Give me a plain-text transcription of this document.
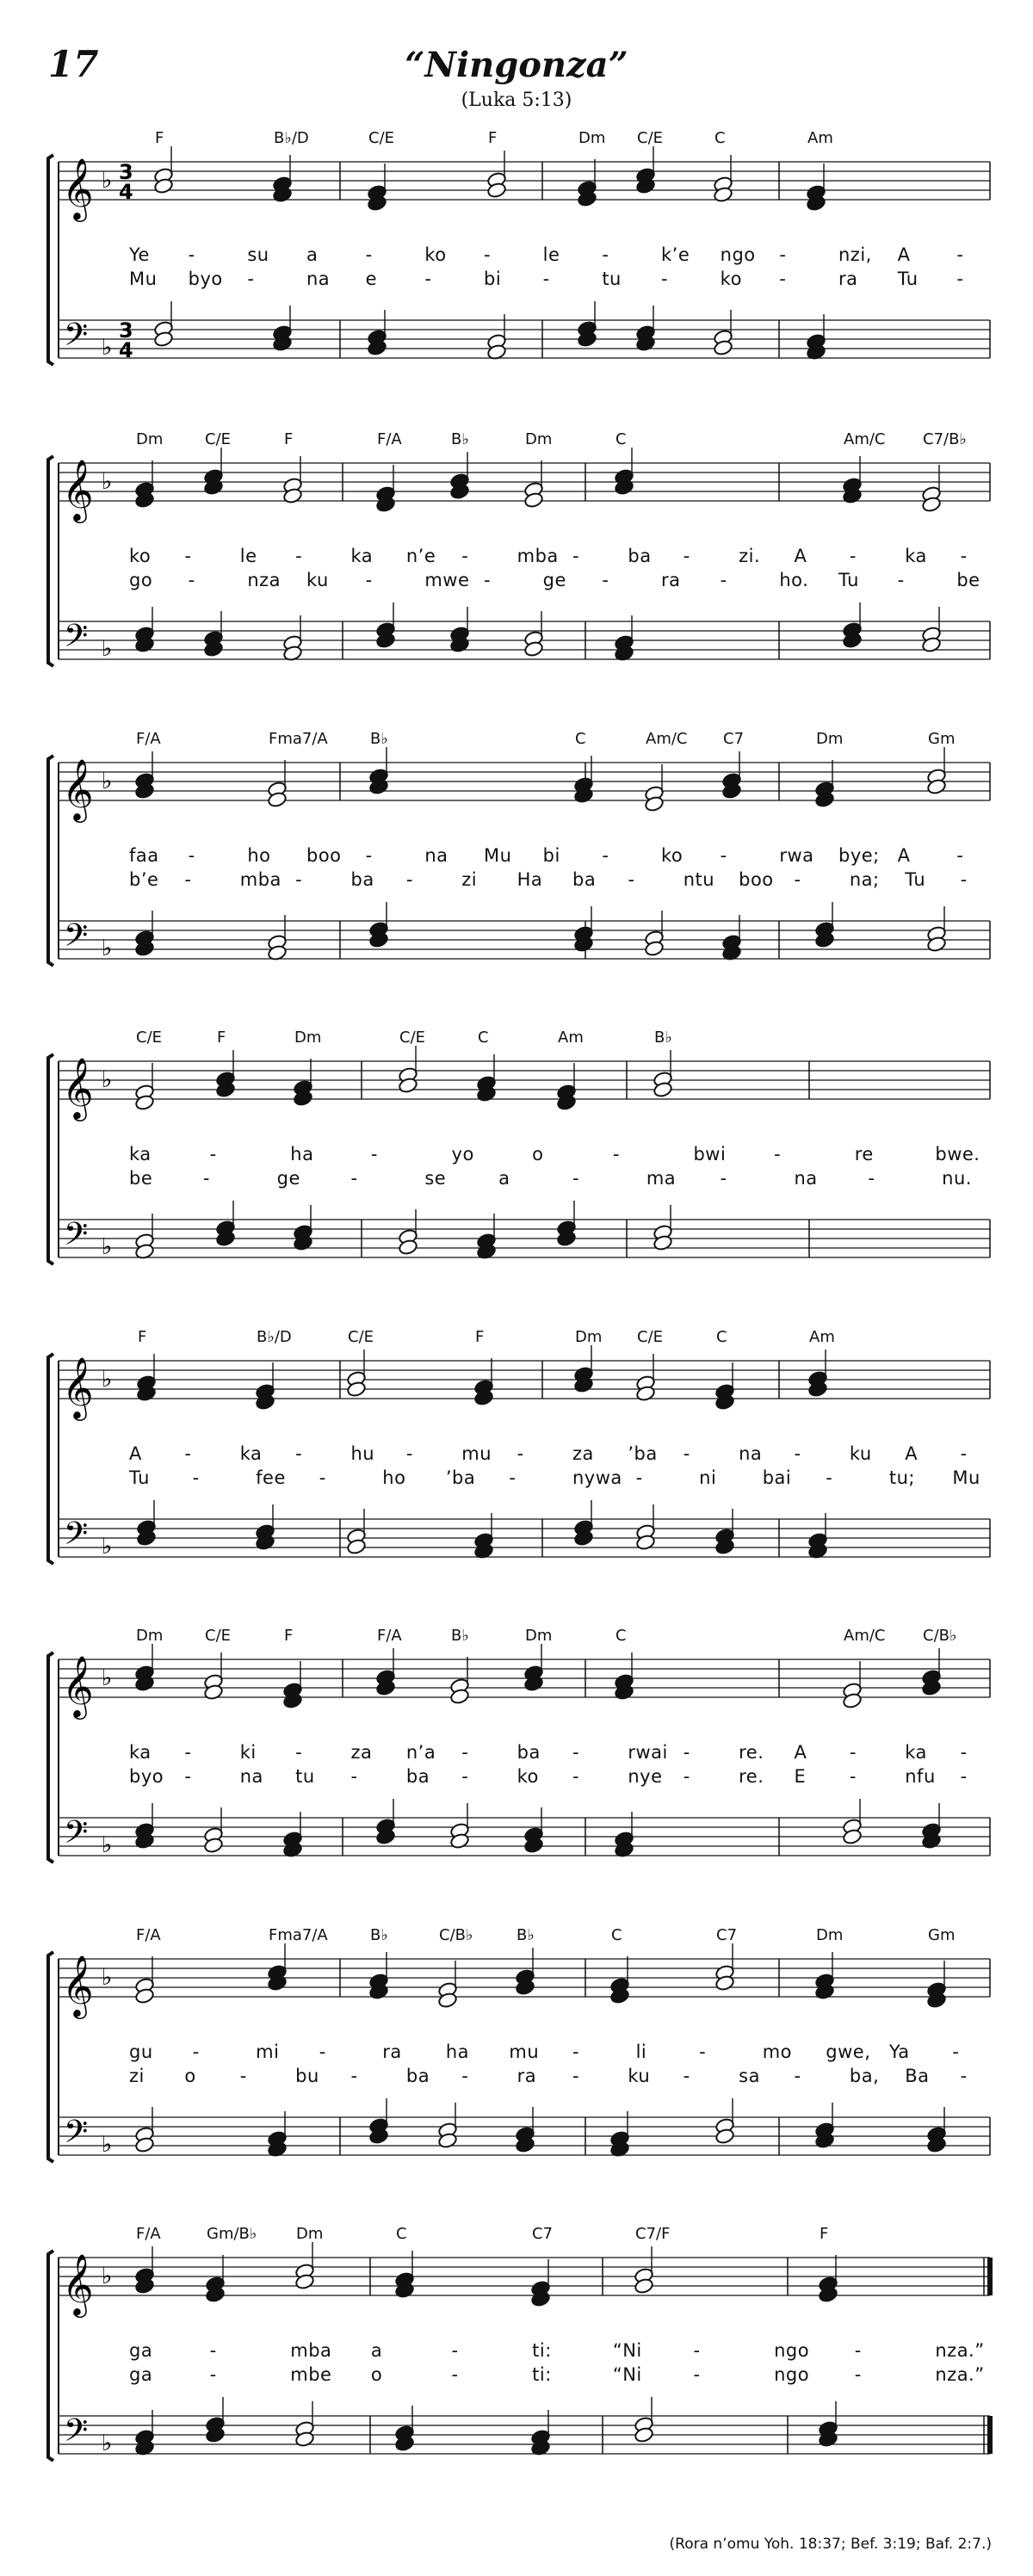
17	“Ningonza”
(Luka 5:13)
𝄞
𝄢
♭
♭
3
4
3
4
F	B♭/D	C/E	F	Dm C/E	C	Am
Ye -	su a	-	ko -	le -	k’e ngo -	nzi, A	-
Mu byo -	na e	-	bi -	tu -	ko -	ra Tu -
𝄞
𝄢
♭
♭
Dm	C/E	F	F/A	B♭	Dm	C	Am/C C7/B♭
ko -	le -	ka n’e -	mba -	ba -	zi. A -	ka -
go -	nza ku -	mwe -	ge -	ra -	ho. Tu -	be
𝄞
𝄢
♭
♭
F/A	Fma7/A	B♭	C	Am/C C7	Dm	Gm
faa -	ho boo -	na Mu bi -	ko -	rwa bye; A	-
b’e -	mba -	ba -	zi Ha ba -	ntu boo -	na; Tu -
𝄞
𝄢
♭
♭
C/E	F	Dm	C/E	C	Am	B♭
ka	-	ha	-	yo	o	-	bwi	-	re	bwe.
be	-	ge	-	se	a	-	ma -	na	-	nu.
𝄞
𝄢
♭
♭
F	B♭/D	C/E	F	Dm C/E	C	Am
A -	ka -	hu -	mu -	za ’ba -	na -	ku A -
Tu -	fee -	ho ’ba -	nywa -	ni	bai -	tu; Mu
𝄞
𝄢
♭
♭
Dm	C/E	F	F/A	B♭	Dm	C	Am/C C/B♭
ka -	ki -	za n’a -	ba -	rwai -	re. A -	ka -
byo -	na tu -	ba -	ko -	nye -	re. E -	nfu -
𝄞
𝄢
♭
♭
F/A	Fma7/A	B♭	C/B♭	B♭	C	C7	Dm	Gm
gu -	mi -	ra ha mu -	li	-	mo gwe, Ya -
zi o -	bu -	ba -	ra -	ku -	sa -	ba, Ba -
𝄞
𝄢
♭
♭
F/A	Gm/B♭	Dm	C	C7	C7/F	F
ga	-	mba a	-	ti:	“Ni	-	ngo	-	nza.”
ga	-	mbe o	-	ti:	“Ni	-	ngo	-	nza.”
(Rora n’omu Yoh. 18:37; Bef. 3:19; Baf. 2:7.)
